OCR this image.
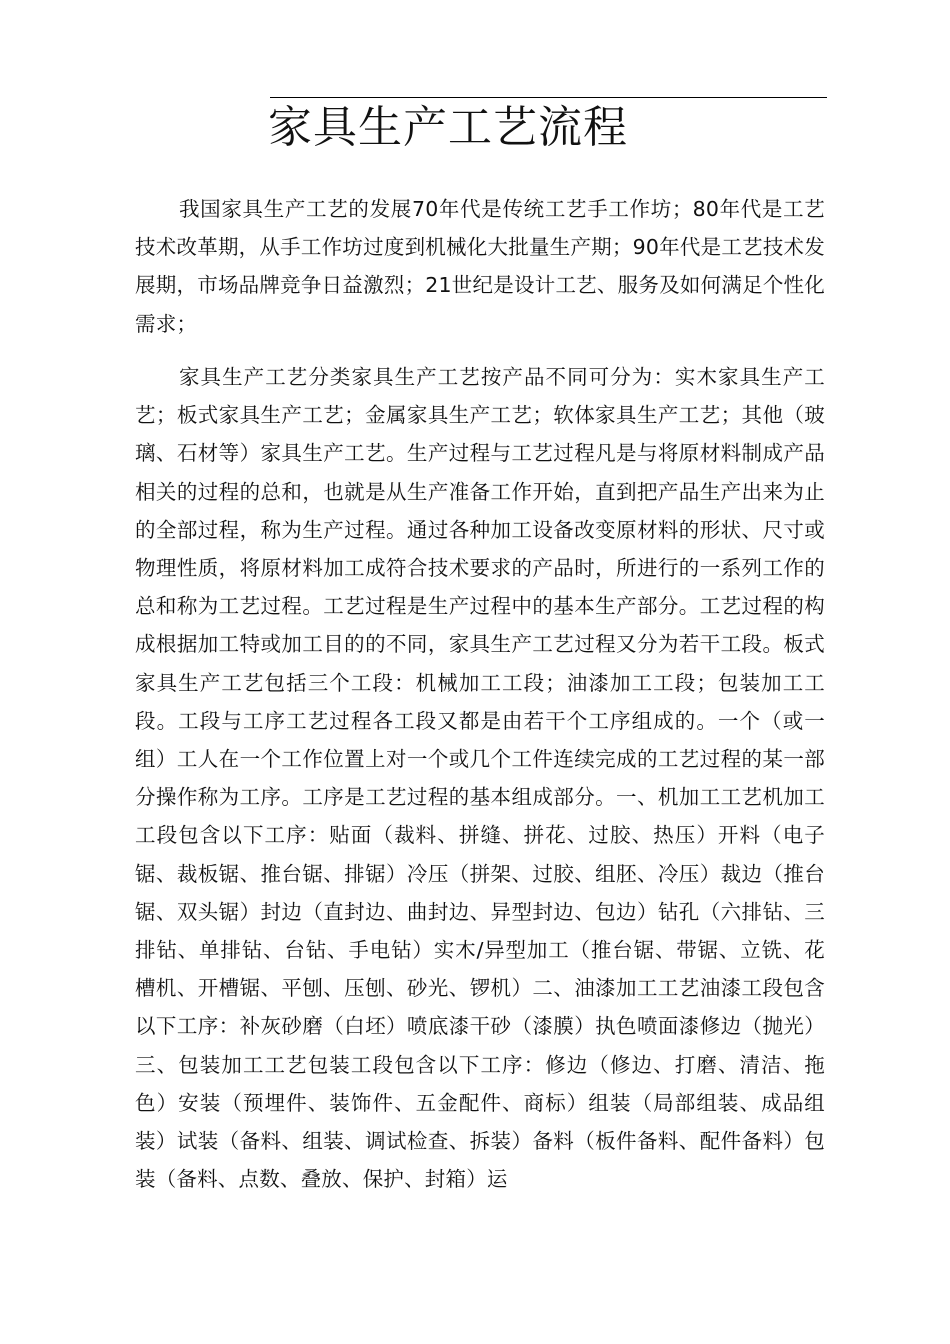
家具生产工艺流程

我国家具生产工艺的发展70年代是传统工艺手工作坊；80年代是工艺技术改革期，从手工作坊过度到机械化大批量生产期；90年代是工艺技术发展期，市场品牌竞争日益激烈；21世纪是设计工艺、服务及如何满足个性化需求；

家具生产工艺分类家具生产工艺按产品不同可分为：实木家具生产工艺；板式家具生产工艺；金属家具生产工艺；软体家具生产工艺；其他（玻璃、石材等）家具生产工艺。生产过程与工艺过程凡是与将原材料制成产品相关的过程的总和，也就是从生产准备工作开始，直到把产品生产出来为止的全部过程，称为生产过程。通过各种加工设备改变原材料的形状、尺寸或物理性质，将原材料加工成符合技术要求的产品时，所进行的一系列工作的总和称为工艺过程。工艺过程是生产过程中的基本生产部分。工艺过程的构成根据加工特或加工目的的不同，家具生产工艺过程又分为若干工段。板式家具生产工艺包括三个工段：机械加工工段；油漆加工工段；包装加工工段。工段与工序工艺过程各工段又都是由若干个工序组成的。一个（或一组）工人在一个工作位置上对一个或几个工件连续完成的工艺过程的某一部分操作称为工序。工序是工艺过程的基本组成部分。一、机加工工艺机加工工段包含以下工序：贴面（裁料、拼缝、拼花、过胶、热压）开料（电子锯、裁板锯、推台锯、排锯）冷压（拼架、过胶、组胚、冷压）裁边（推台锯、双头锯）封边（直封边、曲封边、异型封边、包边）钻孔（六排钻、三排钻、单排钻、台钻、手电钻）实木/异型加工（推台锯、带锯、立铣、花槽机、开槽锯、平刨、压刨、砂光、锣机）二、油漆加工工艺油漆工段包含以下工序：补灰砂磨（白坯）喷底漆干砂（漆膜）执色喷面漆修边（抛光）三、包装加工工艺包装工段包含以下工序：修边（修边、打磨、清洁、拖色）安装（预埋件、装饰件、五金配件、商标）组装（局部组装、成品组装）试装（备料、组装、调试检查、拆装）备料（板件备料、配件备料）包装（备料、点数、叠放、保护、封箱）运
